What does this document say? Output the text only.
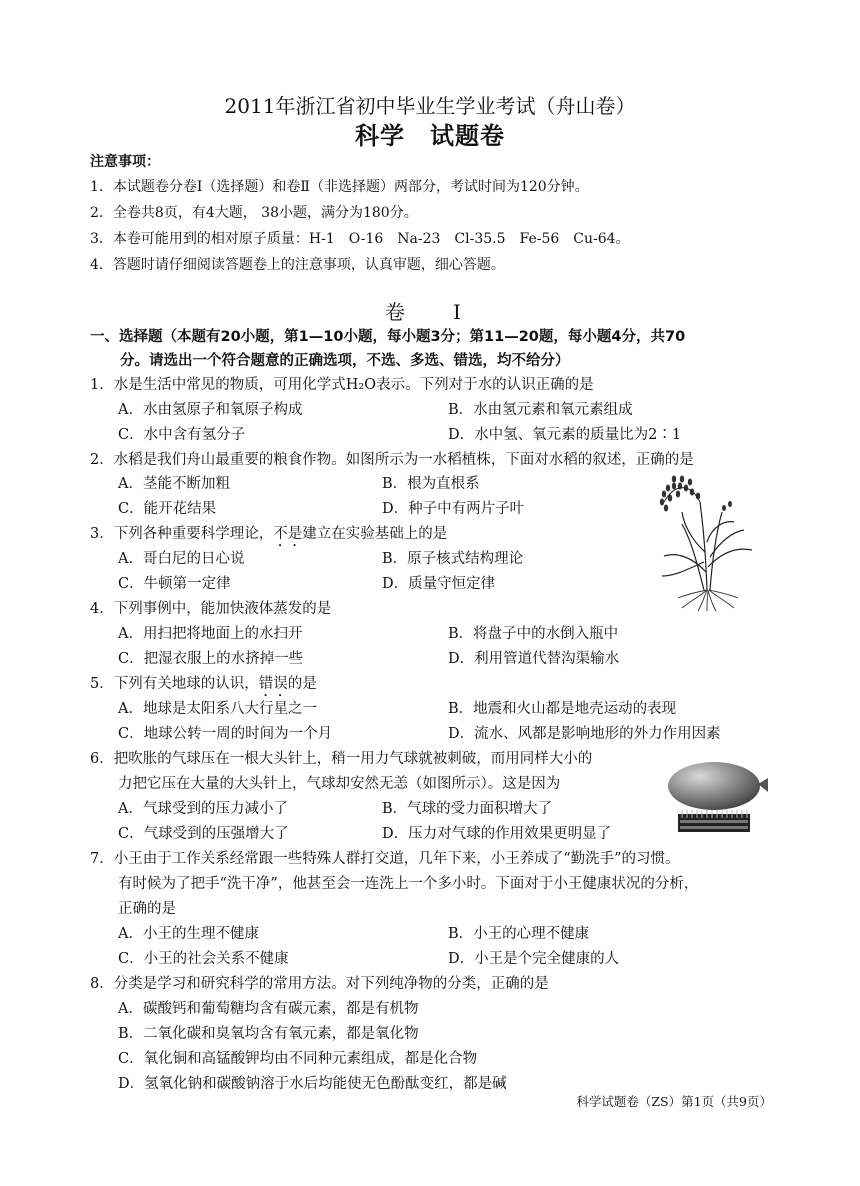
2011年浙江省初中毕业生学业考试（舟山卷）
科学　试题卷
注意事项：
1．本试题卷分卷Ⅰ（选择题）和卷Ⅱ（非选择题）两部分，考试时间为120分钟。
2．全卷共8页，有4大题， 38小题，满分为180分。
3．本卷可能用到的相对原子质量：H-1　O-16　Na-23　Cl-35.5　Fe-56　Cu-64。
4．答题时请仔细阅读答题卷上的注意事项，认真审题，细心答题。
卷　Ⅰ
一、选择题（本题有20小题，第1—10小题，每小题3分；第11—20题，每小题4分，共70
分。请选出一个符合题意的正确选项，不选、多选、错选，均不给分）
1．水是生活中常见的物质，可用化学式H₂O表示。下列对于水的认识正确的是
A．水由氢原子和氧原子构成	B．水由氢元素和氧元素组成
C．水中含有氢分子	D．水中氢、氧元素的质量比为2∶1
2．水稻是我们舟山最重要的粮食作物。如图所示为一水稻植株，下面对水稻的叙述，正确的是
A．茎能不断加粗	B．根为直根系
C．能开花结果	D．种子中有两片子叶
3．下列各种重要科学理论，不是建立在实验基础上的是
A．哥白尼的日心说	B．原子核式结构理论
C．牛顿第一定律	D．质量守恒定律
4．下列事例中，能加快液体蒸发的是
A．用扫把将地面上的水扫开	B．将盘子中的水倒入瓶中
C．把湿衣服上的水挤掉一些	D．利用管道代替沟渠输水
5．下列有关地球的认识，错误的是
A．地球是太阳系八大行星之一	B．地震和火山都是地壳运动的表现
C．地球公转一周的时间为一个月	D．流水、风都是影响地形的外力作用因素
6．把吹胀的气球压在一根大头针上，稍一用力气球就被刺破，而用同样大小的
力把它压在大量的大头针上，气球却安然无恙（如图所示）。这是因为
A．气球受到的压力减小了	B．气球的受力面积增大了
C．气球受到的压强增大了	D．压力对气球的作用效果更明显了
7．小王由于工作关系经常跟一些特殊人群打交道，几年下来，小王养成了“勤洗手”的习惯。
有时候为了把手“洗干净”，他甚至会一连洗上一个多小时。下面对于小王健康状况的分析，
正确的是
A．小王的生理不健康	B．小王的心理不健康
C．小王的社会关系不健康	D．小王是个完全健康的人
8．分类是学习和研究科学的常用方法。对下列纯净物的分类，正确的是
A．碳酸钙和葡萄糖均含有碳元素，都是有机物
B．二氧化碳和臭氧均含有氧元素，都是氧化物
C．氧化铜和高锰酸钾均由不同种元素组成，都是化合物
D．氢氧化钠和碳酸钠溶于水后均能使无色酚酞变红，都是碱
科学试题卷（ZS）第1页（共9页）
